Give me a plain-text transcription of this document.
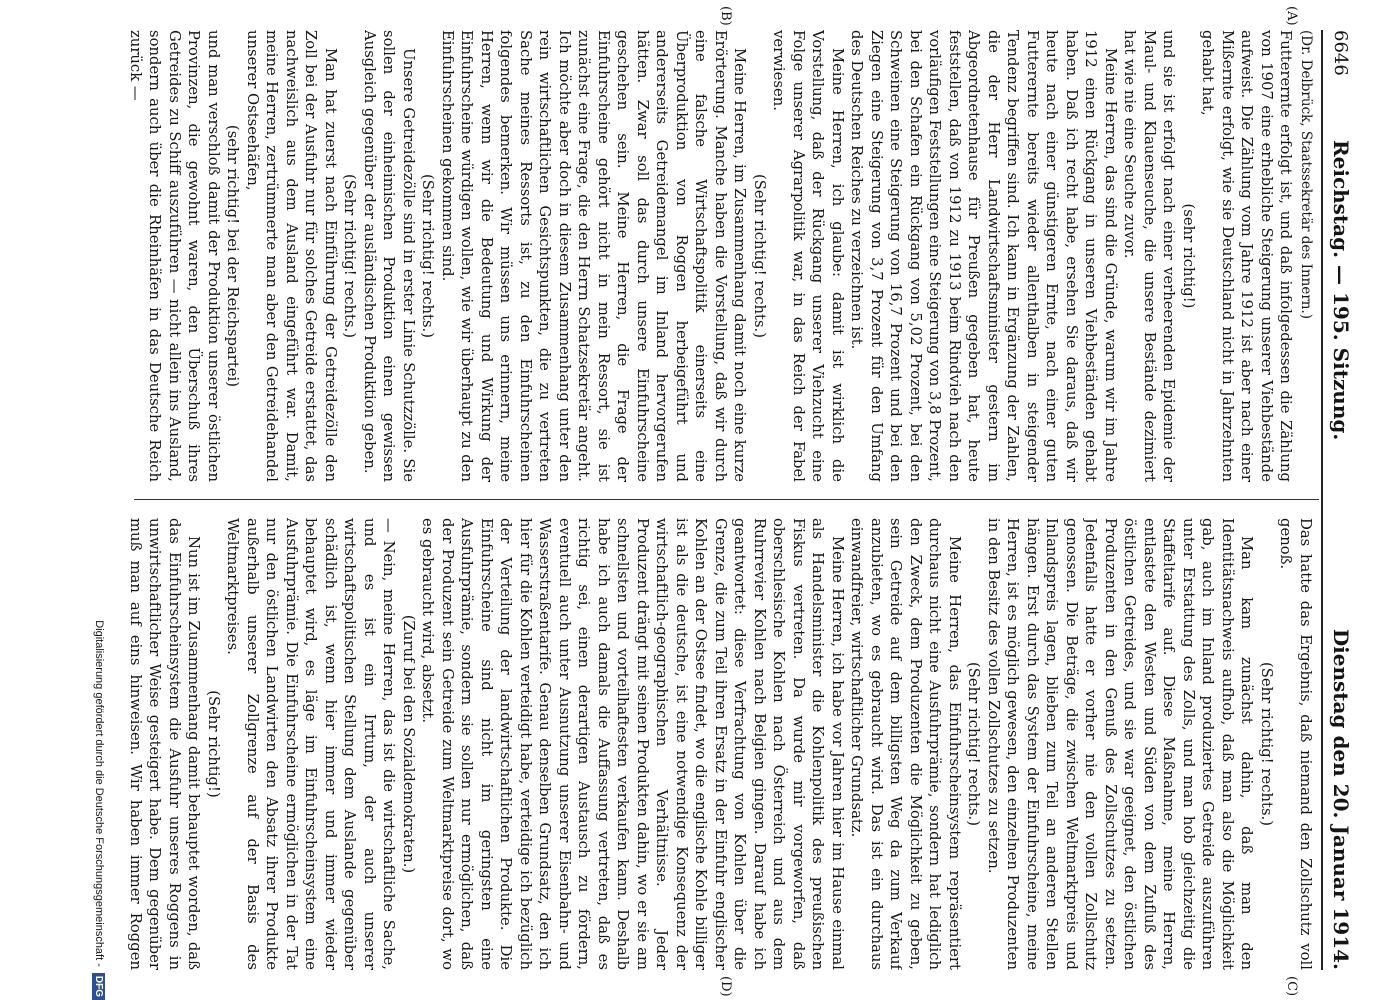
6646
Reichstag. — 195. Sitzung.
Dienstag den 20. Januar 1914.
(A)
(B)
(C)
(D)

(Dr. Delbrück, Staatssekretär des Innern.)

Futterernte erfolgt ist, und daß infolgedessen die Zählung von 1907 eine erhebliche Steigerung unserer Viehbestände aufweist. Die Zählung vom Jahre 1912 ist aber nach einer Mißernte erfolgt, wie sie Deutschland nicht in Jahrzehnten gehabt hat,

(sehr richtig!)

und sie ist erfolgt nach einer verheerenden Epidemie der Maul- und Klauenseuche, die unsere Bestände dezimiert hat wie nie eine Seuche zuvor.

Meine Herren, das sind die Gründe, warum wir im Jahre 1912 einen Rückgang in unseren Viehbeständen gehabt haben. Daß ich recht habe, ersehen Sie daraus, daß wir heute nach einer günstigeren Ernte, nach einer guten Futterernte bereits wieder allenthalben in steigender Tendenz begriffen sind. Ich kann in Ergänzung der Zahlen, die der Herr Landwirtschaftsminister gestern im Abgeordnetenhause für Preußen gegeben hat, heute feststellen, daß von 1912 zu 1913 beim Rindvieh nach den vorläufigen Feststellungen eine Steigerung von 3,8 Prozent, bei den Schafen ein Rückgang von 5,02 Prozent, bei den Schweinen eine Steigerung von 16,7 Prozent und bei den Ziegen eine Steigerung von 3,7 Prozent für den Umfang des Deutschen Reiches zu verzeichnen ist.

Meine Herren, ich glaube: damit ist wirklich die Vorstellung, daß der Rückgang unserer Viehzucht eine Folge unserer Agrarpolitik war, in das Reich der Fabel verwiesen.

(Sehr richtig! rechts.)

Meine Herren, im Zusammenhang damit noch eine kurze Erörterung. Manche haben die Vorstellung, daß wir durch eine falsche Wirtschaftspolitik einerseits eine Überproduktion von Roggen herbeigeführt und andererseits Getreidemangel im Inland hervorgerufen hätten. Zwar soll das durch unsere Einfuhrscheine geschehen sein. Meine Herren, die Frage der Einfuhrscheine gehört nicht in mein Ressort, sie ist zunächst eine Frage, die den Herrn Schatzsekretär angeht. Ich möchte aber doch in diesem Zusammenhang unter den rein wirtschaftlichen Gesichtspunkten, die zu vertreten Sache meines Ressorts ist, zu den Einfuhrscheinen folgendes bemerken. Wir müssen uns erinnern, meine Herren, wenn wir die Bedeutung und Wirkung der Einfuhrscheine würdigen wollen, wie wir überhaupt zu den Einfuhrscheinen gekommen sind.

(Sehr richtig! rechts.)

Unsere Getreidezölle sind in erster Linie Schutzzölle. Sie sollen der einheimischen Produktion einen gewissen Ausgleich gegenüber der ausländischen Produktion geben.

(Sehr richtig! rechts.)

Man hat zuerst nach Einführung der Getreidezölle den Zoll bei der Ausfuhr nur für solches Getreide erstattet, das nachweislich aus dem Ausland eingeführt war. Damit, meine Herren, zertrümmerte man aber den Getreidehandel unserer Ostseehäfen,

(sehr richtig! bei der Reichspartei)

und man verschloß damit der Produktion unserer östlichen Provinzen, die gewohnt waren, den Überschuß ihres Getreides zu Schiff auszuführen — nicht allein ins Ausland, sondern auch über die Rheinhäfen in das Deutsche Reich zurück —

Das hatte das Ergebnis, daß niemand den Zollschutz voll genoß.

(Sehr richtig! rechts.)

Man kam zunächst dahin, daß man den Identitätsnachweis aufhob, daß man also die Möglichkeit gab, auch im Inland produziertes Getreide auszuführen unter Erstattung des Zolls, und man hob gleichzeitig die Staffeltarife auf. Diese Maßnahme, meine Herren, entlastete den Westen und Süden von dem Zufluß des östlichen Getreides, und sie war geeignet, den östlichen Produzenten in den Genuß des Zollschutzes zu setzen. Jedenfalls hatte er vorher nie den vollen Zollschutz genossen. Die Beträge, die zwischen Weltmarktpreis und Inlandspreis lagen, blieben zum Teil an anderen Stellen hängen. Erst durch das System der Einfuhrscheine, meine Herren, ist es möglich gewesen, den einzelnen Produzenten in den Besitz des vollen Zollschutzes zu setzen.

(Sehr richtig! rechts.)

Meine Herren, das Einfuhrscheinsystem repräsentiert durchaus nicht eine Ausfuhrprämie, sondern hat lediglich den Zweck, dem Produzenten die Möglichkeit zu geben, sein Getreide auf dem billigsten Weg da zum Verkauf anzubieten, wo es gebraucht wird. Das ist ein durchaus einwandfreier, wirtschaftlicher Grundsatz.

Meine Herren, ich habe vor Jahren hier im Hause einmal als Handelsminister die Kohlenpolitik des preußischen Fiskus vertreten. Da wurde mir vorgeworfen, daß oberschlesische Kohlen nach Österreich und aus dem Ruhrrevier Kohlen nach Belgien gingen. Darauf habe ich geantwortet: diese Verfrachtung von Kohlen über die Grenze, die zum Teil ihren Ersatz in der Einfuhr englischer Kohlen an der Ostsee findet, wo die englische Kohle billiger ist als die deutsche, ist eine notwendige Konsequenz der wirtschaftlich-geographischen Verhältnisse. Jeder Produzent drängt mit seinen Produkten dahin, wo er sie am schnellsten und vorteilhaftesten verkaufen kann. Deshalb habe ich auch damals die Auffassung vertreten, daß es richtig sei, einen derartigen Austausch zu fördern, eventuell auch unter Ausnutzung unserer Eisenbahn- und Wasserstraßentarife. Genau denselben Grundsatz, den ich hier für die Kohlen verteidigt habe, verteidige ich bezüglich der Verteilung der landwirtschaftlichen Produkte. Die Einfuhrscheine sind nicht im geringsten eine Ausfuhrprämie, sondern sie sollen nur ermöglichen, daß der Produzent sein Getreide zum Weltmarktpreise dort, wo es gebraucht wird, absetzt.

(Zuruf bei den Sozialdemokraten.)

— Nein, meine Herren, das ist die wirtschaftliche Sache, und es ist ein Irrtum, der auch unserer wirtschaftspolitischen Stellung dem Auslande gegenüber schädlich ist, wenn hier immer und immer wieder behauptet wird, es läge im Einfuhrscheinsystem eine Ausfuhrprämie. Die Einfuhrscheine ermöglichen in der Tat nur den östlichen Landwirten den Absatz ihrer Produkte außerhalb unserer Zollgrenze auf der Basis des Weltmarktpreises.

(Sehr richtig!)

Nun ist im Zusammenhang damit behauptet worden, daß das Einfuhrscheinsystem die Ausfuhr unseres Roggens in unwirtschaftlicher Weise gesteigert habe. Dem gegenüber muß man auf eins hinweisen. Wir haben immer Roggen

Digitalisierung gefördert durch die Deutsche Forschungsgemeinschaft -DFG
